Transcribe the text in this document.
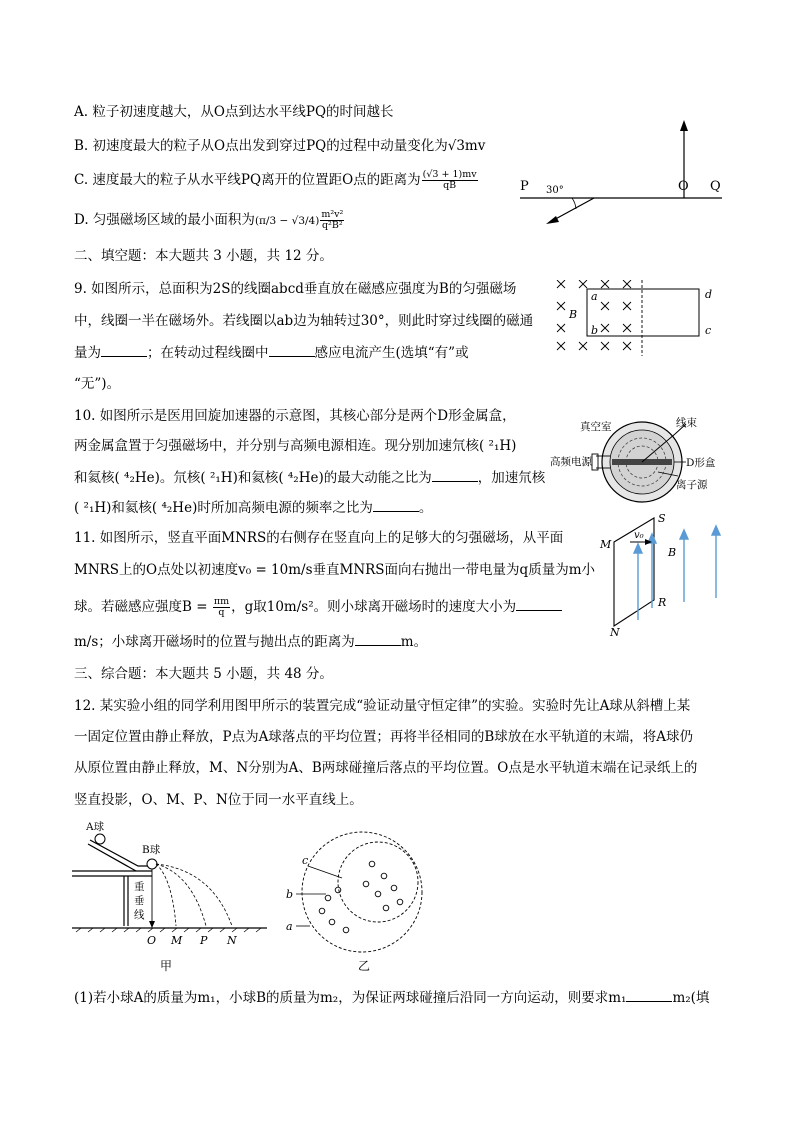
A. 粒子初速度越大，从O点到达水平线PQ的时间越长
B. 初速度最大的粒子从O点出发到穿过PQ的过程中动量变化为√3mv
C. 速度最大的粒子从水平线PQ离开的位置距O点的距离为 $\frac{(√3 + 1)mv}{qB}$
D. 匀强磁场区域的最小面积为$(\pi/3 - √3/4) \frac{\text{m²v²}}{\text{q²B²}}$
P 30°	O Q
二、填空题：本大题共 3 小题，共 12 分。
9. 如图所示，总面积为2S的线圈abcd垂直放在磁感应强度为B的匀强磁场
中，线圈一半在磁场外。若线圈以ab边为轴转过30°，则此时穿过线圈的磁通
量为	；在转动过程线圈中	感应电流产生(选填“有”或
“无”)。
a
b
B
d
c
10. 如图所示是医用回旋加速器的示意图，其核心部分是两个D形金属盒，
两金属盒置于匀强磁场中，并分别与高频电源相连。现分别加速氘核( ²₁H)
和氦核( ⁴₂He)。氘核( ²₁H)和氦核( ⁴₂He)的最大动能之比为	，加速氘核
( ²₁H)和氦核( ⁴₂He)时所加高频电源的频率之比为	。
真空室	线束
高频电源	D形盒
离子源
11. 如图所示，竖直平面MNRS的右侧存在竖直向上的足够大的匀强磁场，从平面
MNRS上的O点处以初速度v₀ = 10m/s垂直MNRS面向右抛出一带电量为q质量为m小
球。若磁感应强度$B = \frac{\pi m}{q}$ ，g取10m/s²。则小球离开磁场时的速度大小为
m/s；小球离开磁场时的位置与抛出点的距离为	m。
v₀
M
S
B
R
N
三、综合题：本大题共 5 小题，共 48 分。
12. 某实验小组的同学利用图甲所示的装置完成“验证动量守恒定律”的实验。实验时先让A球从斜槽上某
一固定位置由静止释放，P点为A球落点的平均位置；再将半径相同的B球放在水平轨道的末端，将A球仍
从原位置由静止释放，M、N分别为A、B两球碰撞后落点的平均位置。O点是水平轨道末端在记录纸上的
竖直投影，O、M、P、N位于同一水平直线上。
A球
B球
重
垂
线
O M P N
甲
c
b
a
乙
(1)若小球A的质量为m₁，小球B的质量为m₂，为保证两球碰撞后沿同一方向运动，则要求m₁	m₂(填
